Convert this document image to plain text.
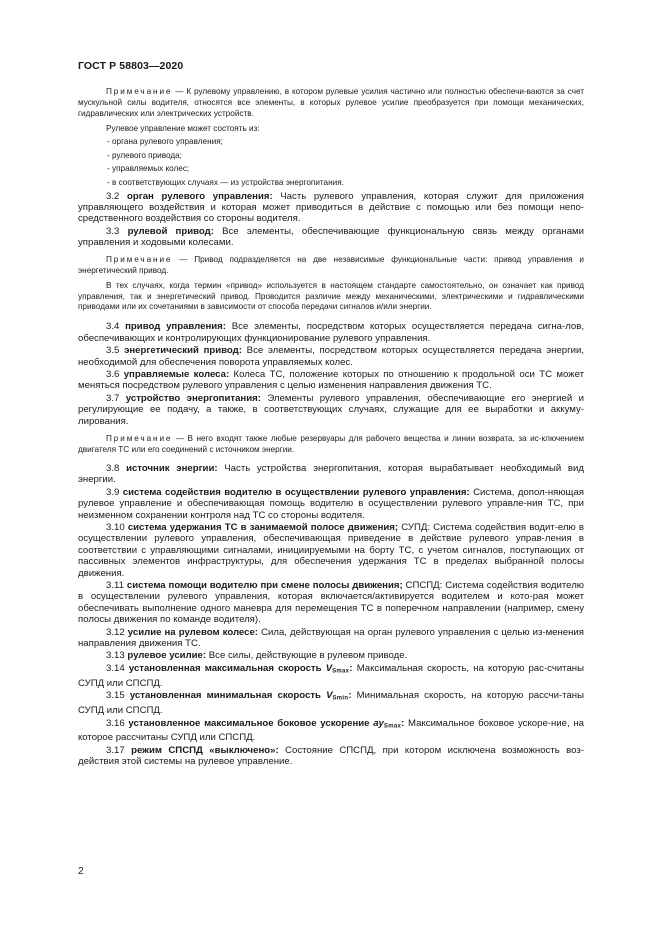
ГОСТ Р 58803—2020

Примечание — К рулевому управлению, в котором рулевые усилия частично или полностью обеспечи-ваются за счет мускульной силы водителя, относятся все элементы, в которых рулевое усилие преобразуется при помощи механических, гидравлических или электрических устройств.

Рулевое управление может состоять из:

- органа рулевого управления;

- рулевого привода;

- управляемых колес;

- в соответствующих случаях — из устройства энергопитания.

3.2 орган рулевого управления: Часть рулевого управления, которая служит для приложения управляющего воздействия и которая может приводиться в действие с помощью или без помощи непо-средственного воздействия со стороны водителя.

3.3 рулевой привод: Все элементы, обеспечивающие функциональную связь между органами управления и ходовыми колесами.

Примечание — Привод подразделяется на две независимые функциональные части: привод управления и энергетический привод.

В тех случаях, когда термин «привод» используется в настоящем стандарте самостоятельно, он означает как привод управления, так и энергетический привод. Проводится различие между механическими, электрическими и гидравлическими приводами или их сочетаниями в зависимости от способа передачи сигналов и/или энергии.

3.4 привод управления: Все элементы, посредством которых осуществляется передача сигна-лов, обеспечивающих и контролирующих функционирование рулевого управления.

3.5 энергетический привод: Все элементы, посредством которых осуществляется передача энергии, необходимой для обеспечения поворота управляемых колес.

3.6 управляемые колеса: Колеса ТС, положение которых по отношению к продольной оси ТС может меняться посредством рулевого управления с целью изменения направления движения ТС.

3.7 устройство энергопитания: Элементы рулевого управления, обеспечивающие его энергией и регулирующие ее подачу, а также, в соответствующих случаях, служащие для ее выработки и аккуму-лирования.

Примечание — В него входят также любые резервуары для рабочего вещества и линии возврата, за ис-ключением двигателя ТС или его соединений с источником энергии.

3.8 источник энергии: Часть устройства энергопитания, которая вырабатывает необходимый вид энергии.

3.9 система содействия водителю в осуществлении рулевого управления: Система, допол-няющая рулевое управление и обеспечивающая помощь водителю в осуществлении рулевого управле-ния ТС, при неизменном сохранении контроля над ТС со стороны водителя.

3.10 система удержания ТС в занимаемой полосе движения; СУПД: Система содействия водит-елю в осуществлении рулевого управления, обеспечивающая приведение в действие рулевого управ-ления в соответствии с управляющими сигналами, инициируемыми на борту ТС, с учетом сигналов, поступающих от пассивных элементов инфраструктуры, для обеспечения удержания ТС в пределах выбранной полосы движения.

3.11 система помощи водителю при смене полосы движения; СПСПД: Система содействия водителю в осуществлении рулевого управления, которая включается/активируется водителем и кото-рая может обеспечивать выполнение одного маневра для перемещения ТС в поперечном направлении (например, смену полосы движения по команде водителя).

3.12 усилие на рулевом колесе: Сила, действующая на орган рулевого управления с целью из-менения направления движения ТС.

3.13 рулевое усилие: Все силы, действующие в рулевом приводе.

3.14 установленная максимальная скорость $V_{Smax}$: Максимальная скорость, на которую рас-считаны СУПД или СПСПД.

3.15 установленная минимальная скорость $V_{Smin}$: Минимальная скорость, на которую рассчи-таны СУПД или СПСПД.

3.16 установленное максимальное боковое ускорение $ay_{Smax}$: Максимальное боковое ускоре-ние, на которое рассчитаны СУПД или СПСПД.

3.17 режим СПСПД «выключено»: Состояние СПСПД, при котором исключена возможность воз-действия этой системы на рулевое управление.

2
